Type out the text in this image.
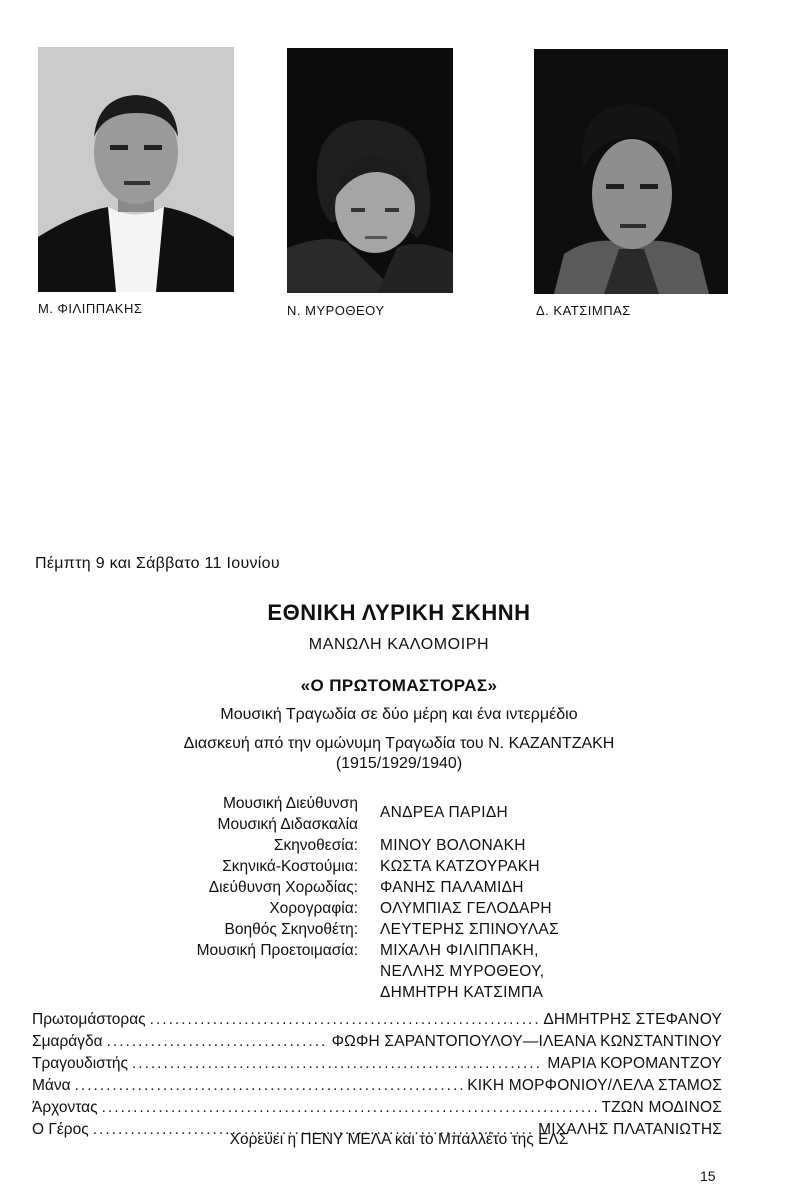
Μ. ΦΙΛΙΠΠΑΚΗΣ	Ν. ΜΥΡΟΘΕΟΥ	Δ. ΚΑΤΣΙΜΠΑΣ
Πέμπτη 9 και Σάββατο 11 Ιουνίου
ΕΘΝΙΚΗ ΛΥΡΙΚΗ ΣΚΗΝΗ
ΜΑΝΩΛΗ ΚΑΛΟΜΟΙΡΗ
«Ο ΠΡΩΤΟΜΑΣΤΟΡΑΣ»
Μουσική Τραγωδία σε δύο μέρη και ένα ιντερμέδιο
Διασκευή από την ομώνυμη Τραγωδία του Ν. ΚΑΖΑΝΤΖΑΚΗ
(1915/1929/1940)
Μουσική Διεύθυνση
Μουσική Διδασκαλία
ΑΝΔΡΕΑ ΠΑΡΙΔΗ
Σκηνοθεσία: ΜΙΝΟΥ ΒΟΛΟΝΑΚΗ
Σκηνικά-Κοστούμια: ΚΩΣΤΑ ΚΑΤΖΟΥΡΑΚΗ
Διεύθυνση Χορωδίας: ΦΑΝΗΣ ΠΑΛΑΜΙΔΗ
Χορογραφία: ΟΛΥΜΠΙΑΣ ΓΕΛΟΔΑΡΗ
Βοηθός Σκηνοθέτη: ΛΕΥΤΕΡΗΣ ΣΠΙΝΟΥΛΑΣ
Μουσική Προετοιμασία: ΜΙΧΑΛΗ ΦΙΛΙΠΠΑΚΗ,
ΝΕΛΛΗΣ ΜΥΡΟΘΕΟΥ,
ΔΗΜΗΤΡΗ ΚΑΤΣΙΜΠΑ
Πρωτομάστορας .....	ΔΗΜΗΤΡΗΣ ΣΤΕΦΑΝΟΥ
Σμαράγδα .....	ΦΩΦΗ ΣΑΡΑΝΤΟΠΟΥΛΟΥ—ΙΛΕΑΝΑ ΚΩΝΣΤΑΝΤΙΝΟΥ
Τραγουδιστής .....	ΜΑΡΙΑ ΚΟΡΟΜΑΝΤΖΟΥ
Μάνα .....	ΚΙΚΗ ΜΟΡΦΟΝΙΟΥ/ΛΕΛΑ ΣΤΑΜΟΣ
Άρχοντας .....	ΤΖΩΝ ΜΟΔΙΝΟΣ
Ο Γέρος .....	ΜΙΧΑΛΗΣ ΠΛΑΤΑΝΙΩΤΗΣ
Χορεύει η ΠΕΝΥ ΜΕΛΑ και το Μπαλλέτο της ΕΛΣ
15
